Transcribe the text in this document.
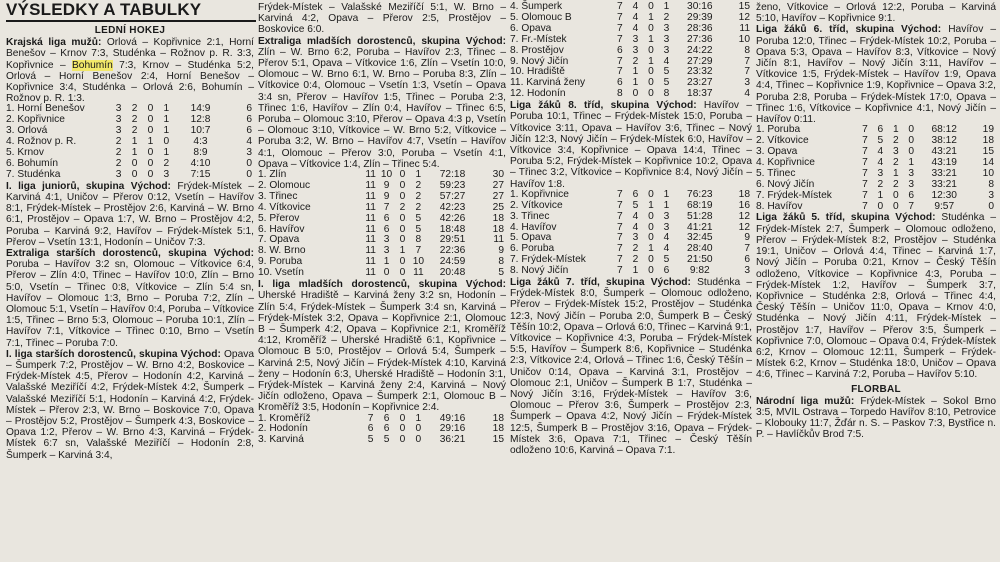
VÝSLEDKY A TABULKY
LEDNÍ HOKEJ

Krajská liga mužů: Orlová – Kopřivnice 2:1, Horní Benešov – Krnov 7:3, Studénka – Rožnov p. R. 3:3, Kopřivnice – Bohumín 7:3, Krnov – Studénka 5:2, Orlová – Horní Benešov 2:4, Horní Benešov – Kopřivnice 3:4, Studénka – Orlová 2:6, Bohumín – Rožnov p. R. 1:3.

1. Horní Benešov	3	2	0	1	14:9	6
2. Kopřivnice	3	2	0	1	12:8	6
3. Orlová	3	2	0	1	10:7	6
4. Rožnov p. R.	2	1	1	0	4:3	4
5. Krnov	2	1	0	1	8:9	3
6. Bohumín	2	0	0	2	4:10	0
7. Studénka	3	0	0	3	7:15	0

I. liga juniorů, skupina Východ: Frýdek-Místek – Karviná 4:1, Uničov – Přerov 0:12, Vsetín – Havířov 8:1, Frýdek-Místek – Prostějov 2:6, Karviná – W. Brno 6:1, Prostějov – Opava 1:7, W. Brno – Prostějov 4:2, Poruba – Karviná 9:2, Havířov – Frýdek-Místek 5:1, Přerov – Vsetín 13:1, Hodonín – Uničov 7:3.

Extraliga starších dorostenců, skupina Východ: Poruba – Havířov 3:2 sn, Olomouc – Vítkovice 6:4, Přerov – Zlín 4:0, Třinec – Havířov 10:0, Zlín – Brno 5:0, Vsetín – Třinec 0:8, Vítkovice – Zlín 5:4 sn, Havířov – Olomouc 1:3, Brno – Poruba 7:2, Zlín – Olomouc 5:1, Vsetín – Havířov 0:4, Poruba – Vítkovice 1:5, Třinec – Brno 5:3, Olomouc – Poruba 10:1, Zlín – Havířov 7:1, Vítkovice – Třinec 0:10, Brno – Vsetín 7:1, Třinec – Poruba 7:0.

I. liga starších dorostenců, skupina Východ: Opava – Šumperk 7:2, Prostějov – W. Brno 4:2, Boskovice – Frýdek-Místek 4:5, Přerov – Hodonín 4:2, Karviná – Valašské Meziříčí 4:2, Frýdek-Místek 4:2, Šumperk – Valašské Meziříčí 5:1, Hodonín – Karviná 4:2, Frýdek-Místek – Přerov 2:3, W. Brno – Boskovice 7:0, Opava – Prostějov 5:2, Prostějov – Šumperk 4:3, Boskovice – Opava 1:2, Přerov – W. Brno 4:3, Karviná – Frýdek-Místek 6:7 sn, Valašské Meziříčí – Hodonín 2:8, Šumperk – Karviná 3:4,

Frýdek-Místek – Valašské Meziříčí 5:1, W. Brno – Karviná 4:2, Opava – Přerov 2:5, Prostějov – Boskovice 6:0.

Extraliga mladších dorostenců, skupina Východ: Zlín – W. Brno 6:2, Poruba – Havířov 2:3, Třinec – Přerov 5:1, Opava – Vítkovice 1:6, Zlín – Vsetín 10:0, Olomouc – W. Brno 6:1, W. Brno – Poruba 8:3, Zlín – Vítkovice 0:4, Olomouc – Vsetín 1:3, Vsetín – Opava 3:4 sn, Přerov – Havířov 1:5, Třinec – Poruba 2:3, Třinec 1:6, Havířov – Zlín 0:4, Havířov – Třinec 6:5, Poruba – Olomouc 3:10, Přerov – Opava 4:3 p, Vsetín – Olomouc 3:10, Vítkovice – W. Brno 5:2, Vítkovice – Poruba 3:2, W. Brno – Havířov 4:7, Vsetín – Havířov 4:1, Olomouc – Přerov 3:0, Poruba – Vsetín 4:1, Opava – Vítkovice 1:4, Zlín – Třinec 5:4.

1. Zlín	11	10	0	1	72:18	30
2. Olomouc	11	9	0	2	59:23	27
3. Třinec	11	9	0	2	57:27	27
4. Vítkovice	11	7	2	2	42:23	25
5. Přerov	11	6	0	5	42:26	18
6. Havířov	11	6	0	5	18:48	18
7. Opava	11	3	0	8	29:51	11
8. W. Brno	11	3	1	7	22:36	9
9. Poruba	11	1	0	10	24:59	8
10. Vsetín	11	0	0	11	20:48	5

I. liga mladších dorostenců, skupina Východ: Uherské Hradiště – Karviná ženy 3:2 sn, Hodonín – Zlín 5:4, Frýdek-Místek – Šumperk 3:4 sn, Karviná – Frýdek-Místek 3:2, Opava – Kopřivnice 2:1, Olomouc B – Šumperk 4:2, Opava – Kopřivnice 2:1, Kroměříž 4:12, Kroměříž – Uherské Hradiště 6:1, Kopřivnice – Olomouc B 5:0, Prostějov – Orlová 5:4, Šumperk – Karviná 2:5, Nový Jičín – Frýdek-Místek 4:10, Karviná ženy – Hodonín 6:3, Uherské Hradiště – Hodonín 3:1, Frýdek-Místek – Karviná ženy 2:4, Karviná – Nový Jičín odloženo, Opava – Šumperk 2:1, Olomouc B – Kroměříž 3:5, Hodonín – Kopřivnice 2:4.

1. Kroměříž	7	6	0	1	49:16	18
2. Hodonín	6	6	0	0	29:16	18
3. Karviná	5	5	0	0	36:21	15
4. Šumperk	7	4	0	1	30:16	15
5. Olomouc B	7	4	1	2	29:39	12
6. Opava	7	4	0	3	28:36	11
7. Fr.-Místek	7	3	1	3	27:36	10
8. Prostějov	6	3	0	3	24:22	8
9. Nový Jičín	7	2	1	4	27:29	7
10. Hradiště	7	1	0	5	23:32	7
11. Karviná ženy	6	1	0	5	23:27	3
12. Hodonín	8	0	0	8	18:37	4

Liga žáků 8. tříd, skupina Východ: Havířov – Poruba 10:1, Třinec – Frýdek-Místek 15:0, Poruba – Vítkovice 3:11, Opava – Havířov 3:6, Třinec – Nový Jičín 12:3, Nový Jičín – Frýdek-Místek 6:0, Havířov – Vítkovice 3:4, Kopřivnice – Opava 14:4, Třinec – Poruba 5:2, Frýdek-Místek – Kopřivnice 10:2, Opava – Třinec 3:2, Vítkovice – Kopřivnice 8:4, Nový Jičín – Havířov 1:8.

1. Kopřivnice	7	6	0	1	76:23	18
2. Vítkovice	7	5	1	1	68:19	16
3. Třinec	7	4	0	3	51:28	12
4. Havířov	7	4	0	3	41:21	12
5. Opava	7	3	0	4	32:45	9
6. Poruba	7	2	1	4	28:40	7
7. Frýdek-Místek	7	2	0	5	21:50	6
8. Nový Jičín	7	1	0	6	9:82	3

Liga žáků 7. tříd, skupina Východ: Studénka – Frýdek-Místek 8:0, Šumperk – Olomouc odloženo, Přerov – Frýdek-Místek 15:2, Prostějov – Studénka 12:3, Nový Jičín – Poruba 2:0, Šumperk B – Český Těšín 10:2, Opava – Orlová 6:0, Třinec – Karviná 9:1, Vítkovice – Kopřivnice 4:3, Poruba – Frýdek-Místek 5:5, Havířov – Šumperk 8:6, Kopřivnice – Studénka 2:3, Vítkovice 2:4, Orlová – Třinec 1:6, Český Těšín – Uničov 0:14, Opava – Karviná 3:1, Prostějov – Olomouc 2:1, Uničov – Šumperk B 1:7, Studénka – Nový Jičín 3:16, Frýdek-Místek – Havířov 3:6, Olomouc – Přerov 3:6, Šumperk – Prostějov 2:3, Šumperk – Opava 4:2, Nový Jičín – Frýdek-Místek 12:5, Šumperk B – Prostějov 3:16, Opava – Frýdek-Místek 3:6, Opava 7:1, Třinec – Český Těšín odloženo 10:6, Karviná – Opava 7:1.

ženo, Vítkovice – Orlová 12:2, Poruba – Karviná 5:10, Havířov – Kopřivnice 9:1.

Liga žáků 6. tříd, skupina Východ: Havířov – Poruba 12:0, Třinec – Frýdek-Místek 10:2, Poruba – Opava 5:3, Opava – Havířov 8:3, Vítkovice – Nový Jičín 8:1, Havířov – Nový Jičín 3:11, Havířov – Vítkovice 1:5, Frýdek-Místek – Havířov 1:9, Opava 4:4, Třinec – Kopřivnice 1:9, Kopřivnice – Opava 3:2, Poruba 2:8, Poruba – Frýdek-Místek 17:0, Opava – Třinec 1:6, Vítkovice – Kopřivnice 4:1, Nový Jičín – Havířov 0:11.

1. Poruba	7	6	1	0	68:12	19
2. Vítkovice	7	5	2	0	38:12	18
3. Opava	7	4	3	0	43:21	15
4. Kopřivnice	7	4	2	1	43:19	14
5. Třinec	7	3	1	3	33:21	10
6. Nový Jičín	7	2	2	3	33:21	8
7. Frýdek-Místek	7	1	0	6	12:30	3
8. Havířov	7	0	0	7	9:57	0

Liga žáků 5. tříd, skupina Východ: Studénka – Frýdek-Místek 2:7, Šumperk – Olomouc odloženo, Přerov – Frýdek-Místek 8:2, Prostějov – Studénka 19:1, Uničov – Orlová 4:4, Třinec – Karviná 1:7, Nový Jičín – Poruba 0:21, Krnov – Český Těšín odloženo, Vítkovice – Kopřivnice 4:3, Poruba – Frýdek-Místek 1:2, Havířov – Šumperk 3:7, Kopřivnice – Studénka 2:8, Orlová – Třinec 4:4, Český Těšín – Uničov 11:0, Opava – Krnov 4:0, Studénka – Nový Jičín 4:11, Frýdek-Místek – Prostějov 1:7, Havířov – Přerov 3:5, Šumperk – Kopřivnice 7:0, Olomouc – Opava 0:4, Frýdek-Místek 6:2, Krnov – Olomouc 12:11, Šumperk – Frýdek-Místek 6:2, Krnov – Studénka 18:0, Uničov – Opava 4:6, Třinec – Karviná 7:2, Poruba – Havířov 5:10.

FLORBAL

Národní liga mužů: Frýdek-Místek – Sokol Brno 3:5, MVIL Ostrava – Torpedo Havířov 8:10, Petrovice – Klobouky 11:7, Žďár n. S. – Paskov 7:3, Bystřice n. P. – Havlíčkův Brod 7:5.
